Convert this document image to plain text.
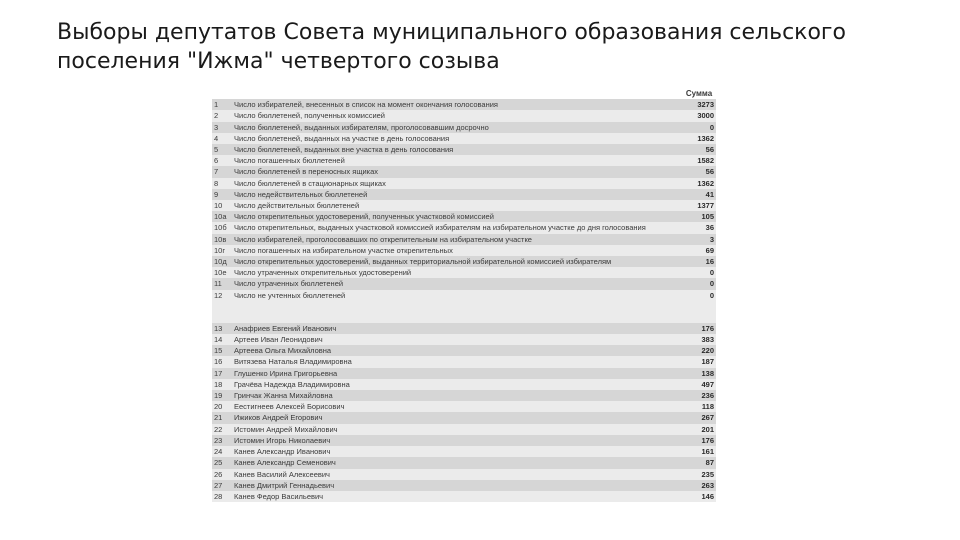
Выборы депутатов Совета муниципального образования сельского поселения "Ижма" четвертого созыва
		Сумма
1	Число избирателей, внесенных в список на момент окончания голосования	3273
2	Число бюллетеней, полученных комиссией	3000
3	Число бюллетеней, выданных избирателям, проголосовавшим досрочно	0
4	Число бюллетеней, выданных на участке в день голосования	1362
5	Число бюллетеней, выданных вне участка в день голосования	56
6	Число погашенных бюллетеней	1582
7	Число бюллетеней в переносных ящиках	56
8	Число бюллетеней в стационарных ящиках	1362
9	Число недействительных бюллетеней	41
10	Число действительных бюллетеней	1377
10а	Число открепительных удостоверений, полученных участковой комиссией	105
10б	Число открепительных, выданных участковой комиссией избирателям на избирательном участке до дня голосования	36
10в	Число избирателей, проголосовавших по открепительным на избирательном участке	3
10г	Число погашенных на избирательном участке открепительных	69
10д	Число открепительных удостоверений, выданных территориальной избирательной комиссией избирателям	16
10е	Число утраченных открепительных удостоверений	0
11	Число утраченных бюллетеней	0
12	Число не учтенных бюллетеней	0

13	Анафриев Евгений Иванович	176
14	Артеев Иван Леонидович	383
15	Артеева Ольга Михайловна	220
16	Витязева Наталья Владимировна	187
17	Глушенко Ирина Григорьевна	138
18	Грачёва Надежда Владимировна	497
19	Гринчак Жанна Михайловна	236
20	Еестигнеев Алексей Борисович	118
21	Ижиков Андрей Егорович	267
22	Истомин Андрей Михайлович	201
23	Истомин Игорь Николаевич	176
24	Канев Александр Иванович	161
25	Канев Александр Семенович	87
26	Канев Василий Алексеевич	235
27	Канев Дмитрий Геннадьевич	263
28	Канев Федор Васильевич	146
